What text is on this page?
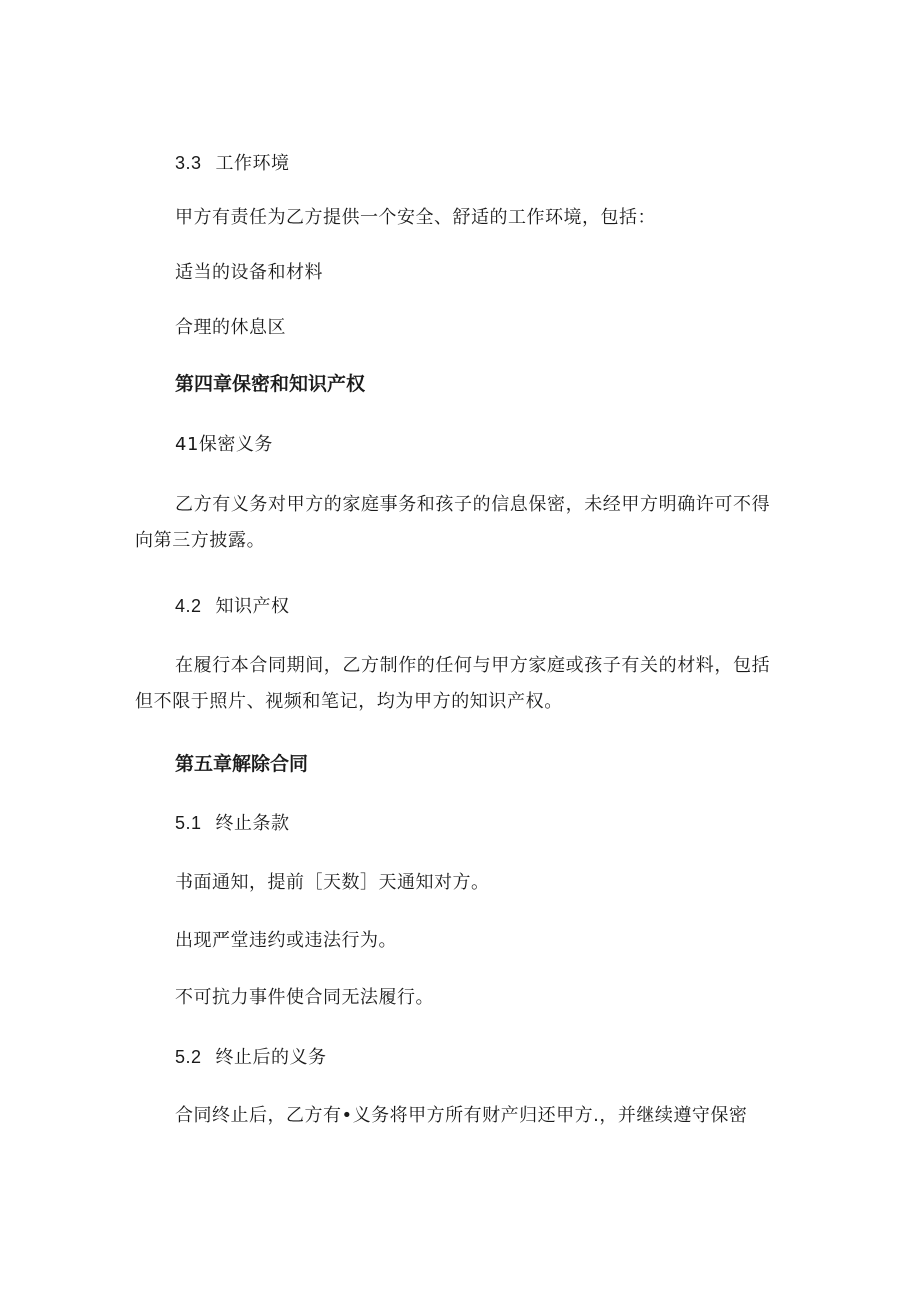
3.3 工作环境
甲方有责任为乙方提供一个安全、舒适的工作环境，包括：
适当的设备和材料
合理的休息区
第四章保密和知识产权
41保密义务
乙方有义务对甲方的家庭事务和孩子的信息保密，未经甲方明确许可不得向第三方披露。
4.2 知识产权
在履行本合同期间，乙方制作的任何与甲方家庭或孩子有关的材料，包括但不限于照片、视频和笔记，均为甲方的知识产权。
第五章解除合同
5.1 终止条款
书面通知，提前［天数］天通知对方。
出现严堂违约或违法行为。
不可抗力事件使合同无法履行。
5.2 终止后的义务
合同终止后，乙方有•义务将甲方所有财产归还甲方.，并继续遵守保密
